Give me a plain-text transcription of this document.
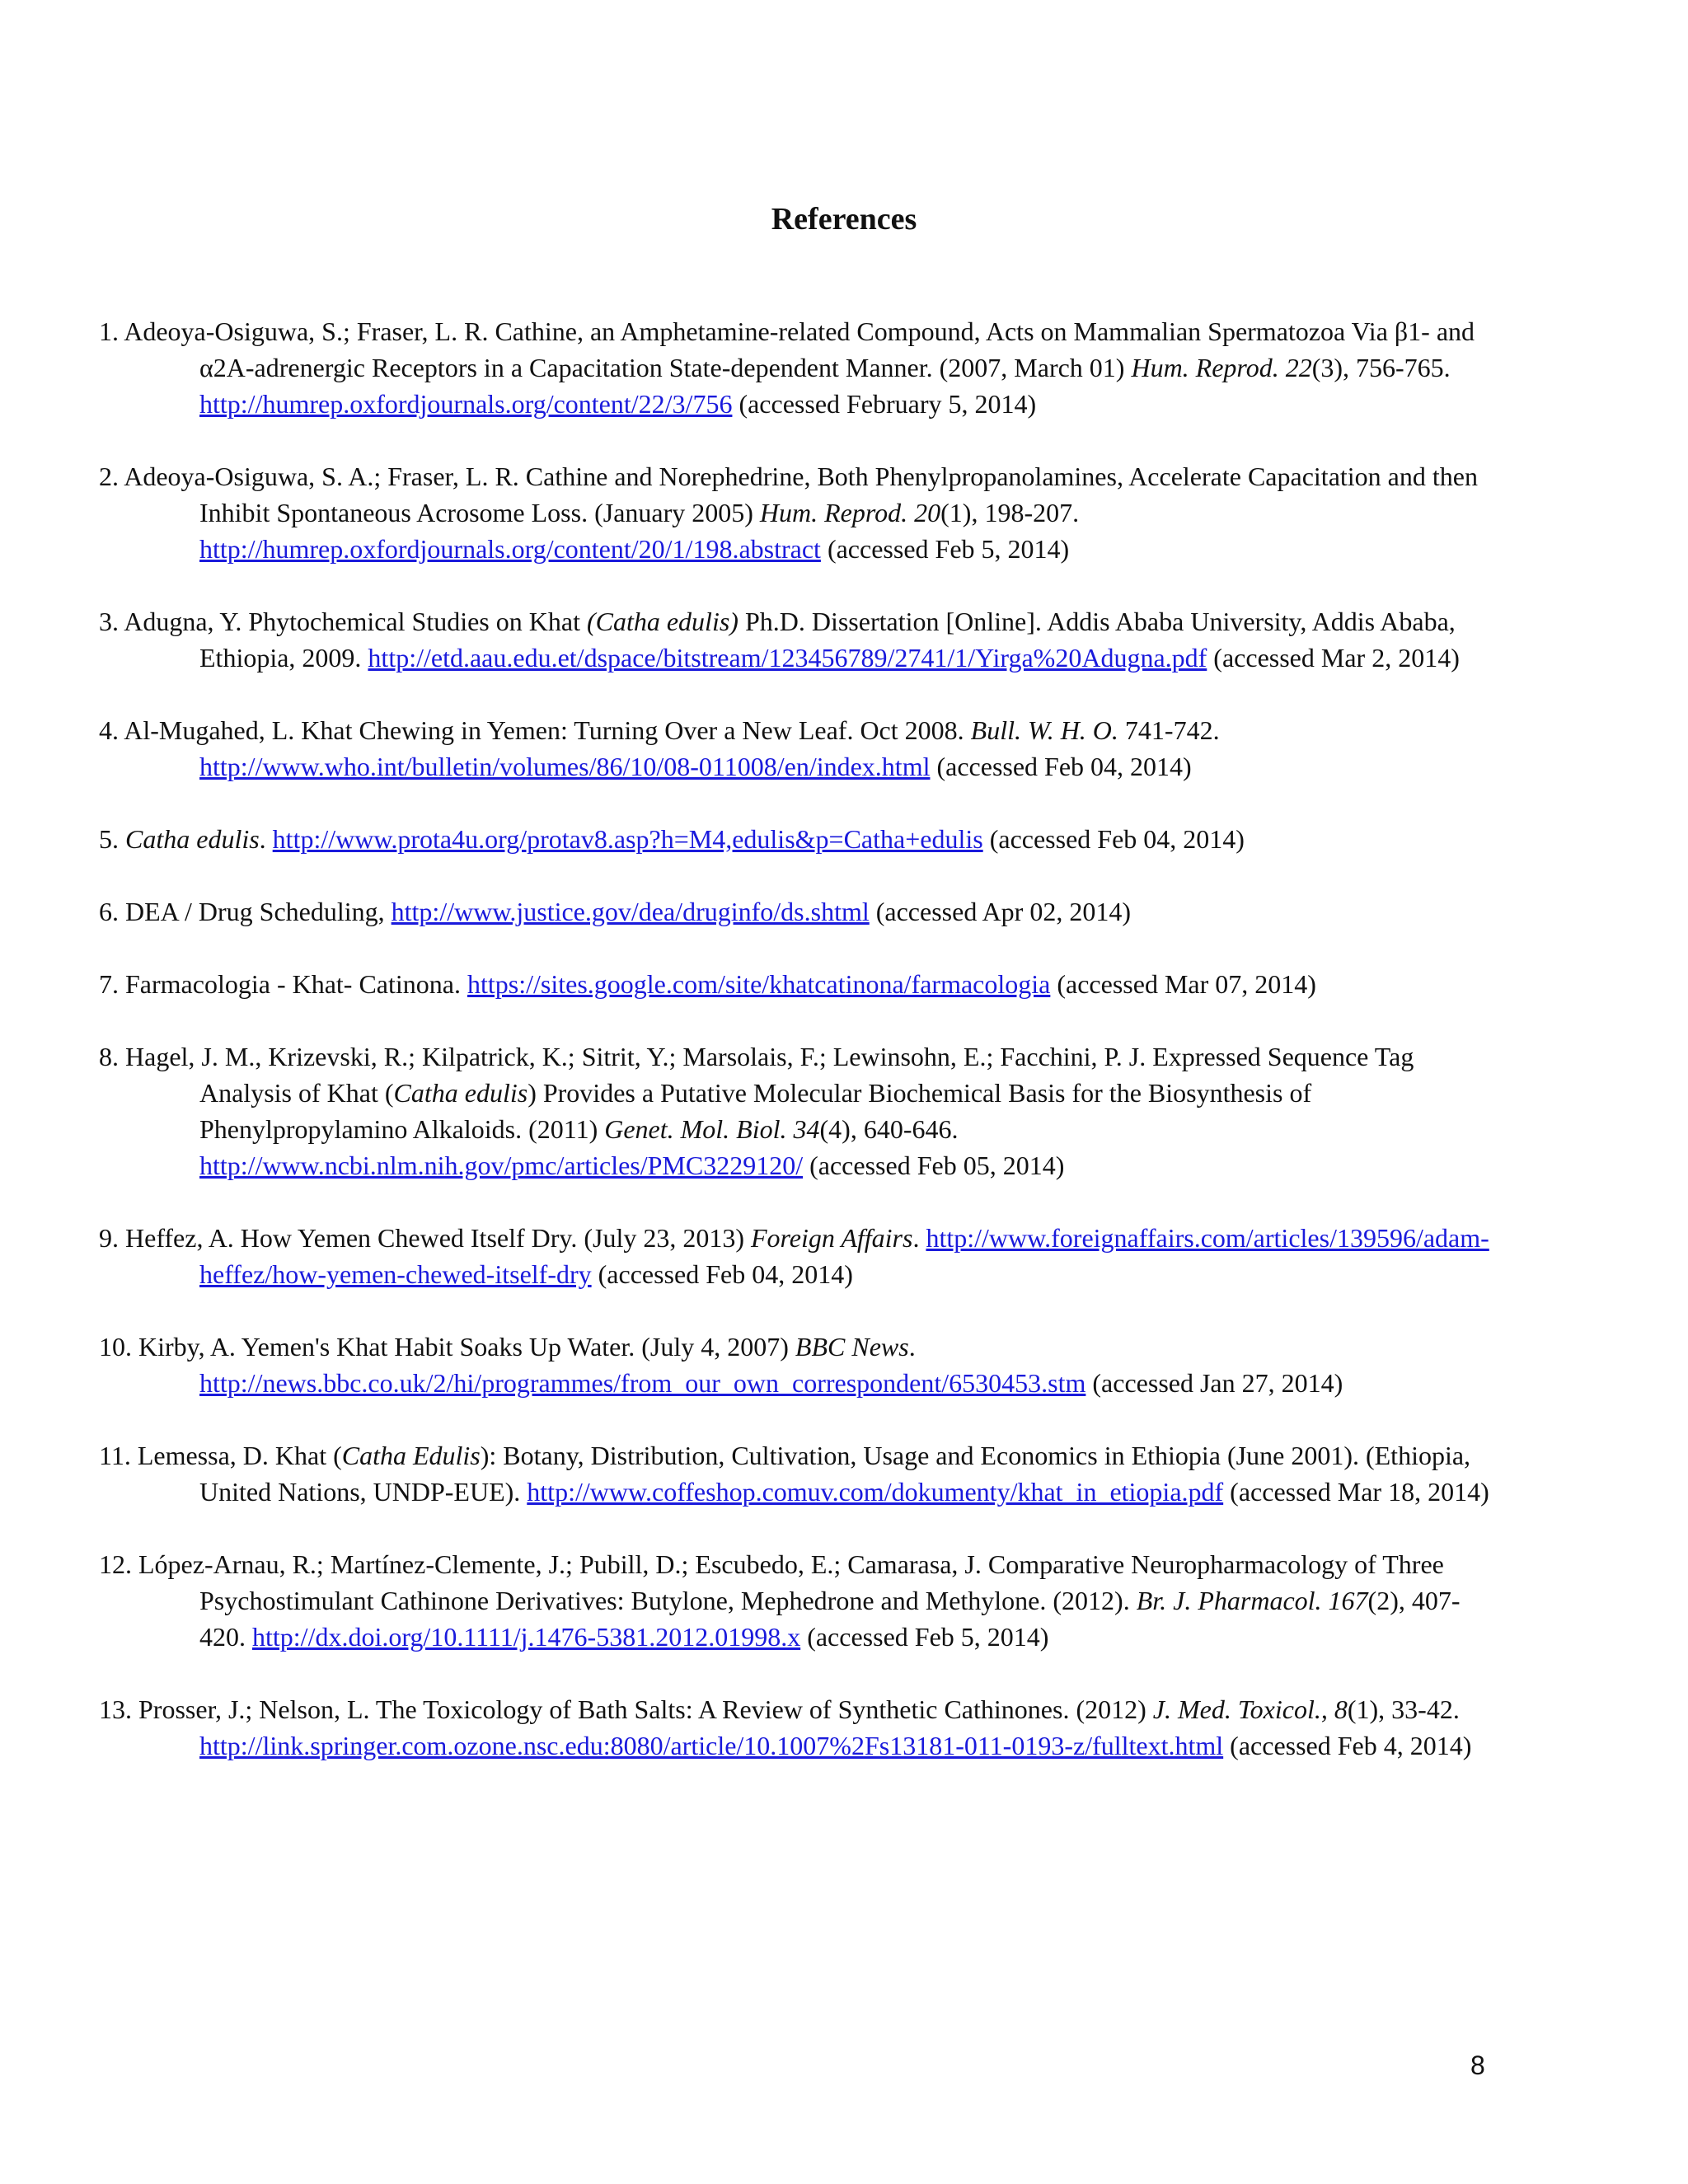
References

1. Adeoya-Osiguwa, S.; Fraser, L. R. Cathine, an Amphetamine-related Compound, Acts on Mammalian Spermatozoa Via β1- and α2A-adrenergic Receptors in a Capacitation State-dependent Manner. (2007, March 01) Hum. Reprod. 22(3), 756-765. http://humrep.oxfordjournals.org/content/22/3/756 (accessed February 5, 2014)

2. Adeoya-Osiguwa, S. A.; Fraser, L. R. Cathine and Norephedrine, Both Phenylpropanolamines, Accelerate Capacitation and then Inhibit Spontaneous Acrosome Loss. (January 2005) Hum. Reprod. 20(1), 198-207. http://humrep.oxfordjournals.org/content/20/1/198.abstract (accessed Feb 5, 2014)

3. Adugna, Y. Phytochemical Studies on Khat (Catha edulis) Ph.D. Dissertation [Online]. Addis Ababa University, Addis Ababa, Ethiopia, 2009. http://etd.aau.edu.et/dspace/bitstream/123456789/2741/1/Yirga%20Adugna.pdf (accessed Mar 2, 2014)

4. Al-Mugahed, L. Khat Chewing in Yemen: Turning Over a New Leaf. Oct 2008. Bull. W. H. O. 741-742. http://www.who.int/bulletin/volumes/86/10/08-011008/en/index.html (accessed Feb 04, 2014)

5. Catha edulis. http://www.prota4u.org/protav8.asp?h=M4,edulis&p=Catha+edulis (accessed Feb 04, 2014)

6. DEA / Drug Scheduling, http://www.justice.gov/dea/druginfo/ds.shtml (accessed Apr 02, 2014)

7. Farmacologia - Khat- Catinona. https://sites.google.com/site/khatcatinona/farmacologia (accessed Mar 07, 2014)

8. Hagel, J. M., Krizevski, R.; Kilpatrick, K.; Sitrit, Y.; Marsolais, F.; Lewinsohn, E.; Facchini, P. J. Expressed Sequence Tag Analysis of Khat (Catha edulis) Provides a Putative Molecular Biochemical Basis for the Biosynthesis of Phenylpropylamino Alkaloids. (2011) Genet. Mol. Biol. 34(4), 640-646. http://www.ncbi.nlm.nih.gov/pmc/articles/PMC3229120/ (accessed Feb 05, 2014)

9. Heffez, A. How Yemen Chewed Itself Dry. (July 23, 2013) Foreign Affairs. http://www.foreignaffairs.com/articles/139596/adam-heffez/how-yemen-chewed-itself-dry (accessed Feb 04, 2014)

10. Kirby, A. Yemen's Khat Habit Soaks Up Water. (July 4, 2007) BBC News. http://news.bbc.co.uk/2/hi/programmes/from_our_own_correspondent/6530453.stm (accessed Jan 27, 2014)

11. Lemessa, D. Khat (Catha Edulis): Botany, Distribution, Cultivation, Usage and Economics in Ethiopia (June 2001). (Ethiopia, United Nations, UNDP-EUE). http://www.coffeshop.comuv.com/dokumenty/khat_in_etiopia.pdf (accessed Mar 18, 2014)

12. López-Arnau, R.; Martínez-Clemente, J.; Pubill, D.; Escubedo, E.; Camarasa, J. Comparative Neuropharmacology of Three Psychostimulant Cathinone Derivatives: Butylone, Mephedrone and Methylone. (2012). Br. J. Pharmacol. 167(2), 407-420. http://dx.doi.org/10.1111/j.1476-5381.2012.01998.x (accessed Feb 5, 2014)

13. Prosser, J.; Nelson, L. The Toxicology of Bath Salts: A Review of Synthetic Cathinones. (2012) J. Med. Toxicol., 8(1), 33-42. http://link.springer.com.ozone.nsc.edu:8080/article/10.1007%2Fs13181-011-0193-z/fulltext.html (accessed Feb 4, 2014)

8
